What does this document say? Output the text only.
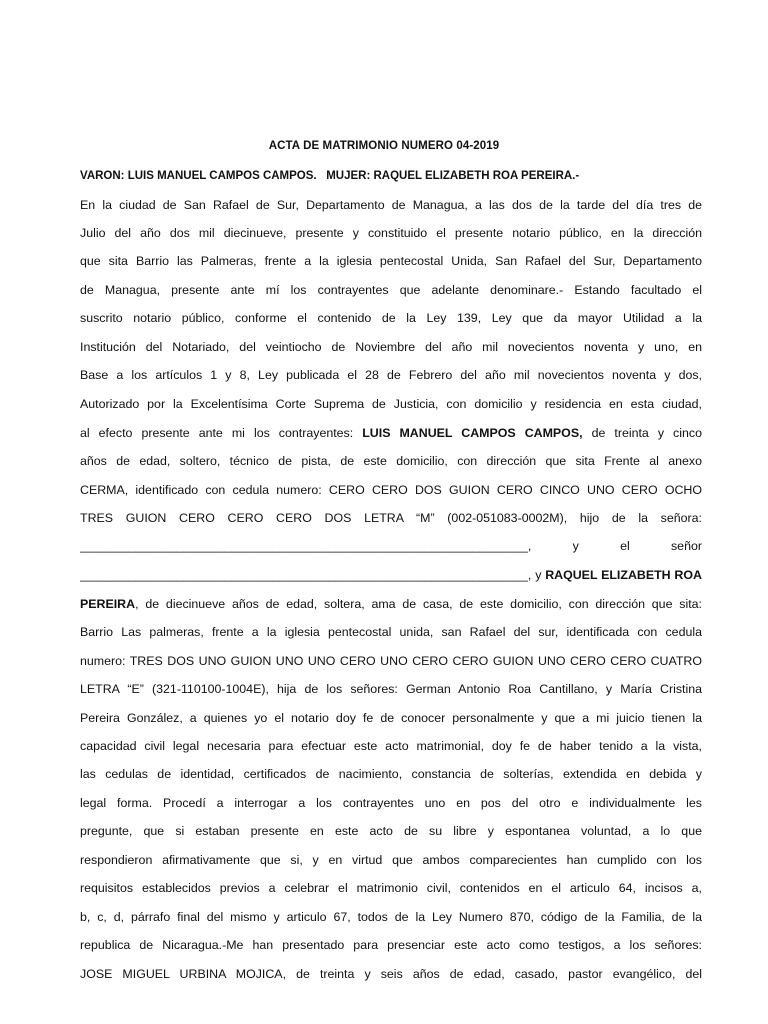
ACTA DE MATRIMONIO NUMERO 04-2019
VARON: LUIS MANUEL CAMPOS CAMPOS.   MUJER: RAQUEL ELIZABETH ROA PEREIRA.-
En la ciudad de San Rafael de Sur, Departamento de Managua, a las dos de la tarde del día tres de
Julio del año dos mil diecinueve, presente y constituido el presente notario público, en la dirección
que sita Barrio las Palmeras, frente a la iglesia pentecostal Unida, San Rafael del Sur, Departamento
de Managua, presente ante mí los contrayentes que adelante denominare.- Estando facultado el
suscrito notario público, conforme el contenido de la Ley 139, Ley que da mayor Utilidad a la
Institución del Notariado, del veintiocho de Noviembre del año mil novecientos noventa y uno, en
Base a los artículos 1 y 8, Ley publicada el 28 de Febrero del año mil novecientos noventa y dos,
Autorizado por la Excelentísima Corte Suprema de Justicia, con domicilio y residencia en esta ciudad,
al efecto presente ante mi los contrayentes: LUIS MANUEL CAMPOS CAMPOS, de treinta y cinco
años de edad, soltero, técnico de pista, de este domicilio, con dirección que sita Frente al anexo
CERMA, identificado con cedula numero: CERO CERO DOS GUION CERO CINCO UNO CERO OCHO
TRES GUION CERO CERO CERO DOS LETRA “M” (002-051083-0002M), hijo de la señora:
_________________________________________________________________,	y	el	señor
_________________________________________________________________, y RAQUEL ELIZABETH ROA
PEREIRA, de diecinueve años de edad, soltera, ama de casa, de este domicilio, con dirección que sita:
Barrio Las palmeras, frente a la iglesia pentecostal unida, san Rafael del sur, identificada con cedula
numero: TRES DOS UNO GUION UNO UNO CERO UNO CERO CERO GUION UNO CERO CERO CUATRO
LETRA “E” (321-110100-1004E), hija de los señores: German Antonio Roa Cantillano, y María Cristina
Pereira González, a quienes yo el notario doy fe de conocer personalmente y que a mi juicio tienen la
capacidad civil legal necesaria para efectuar este acto matrimonial, doy fe de haber tenido a la vista,
las cedulas de identidad, certificados de nacimiento, constancia de solterías, extendida en debida y
legal forma. Procedí a interrogar a los contrayentes uno en pos del otro e individualmente les
pregunte, que si estaban presente en este acto de su libre y espontanea voluntad, a lo que
respondieron afirmativamente que si, y en virtud que ambos comparecientes han cumplido con los
requisitos establecidos previos a celebrar el matrimonio civil, contenidos en el articulo 64, incisos a,
b, c, d, párrafo final del mismo y articulo 67, todos de la Ley Numero 870, código de la Familia, de la
republica de Nicaragua.-Me han presentado para presenciar este acto como testigos, a los señores:
JOSE MIGUEL URBINA MOJICA, de treinta y seis años de edad, casado, pastor evangélico, del
